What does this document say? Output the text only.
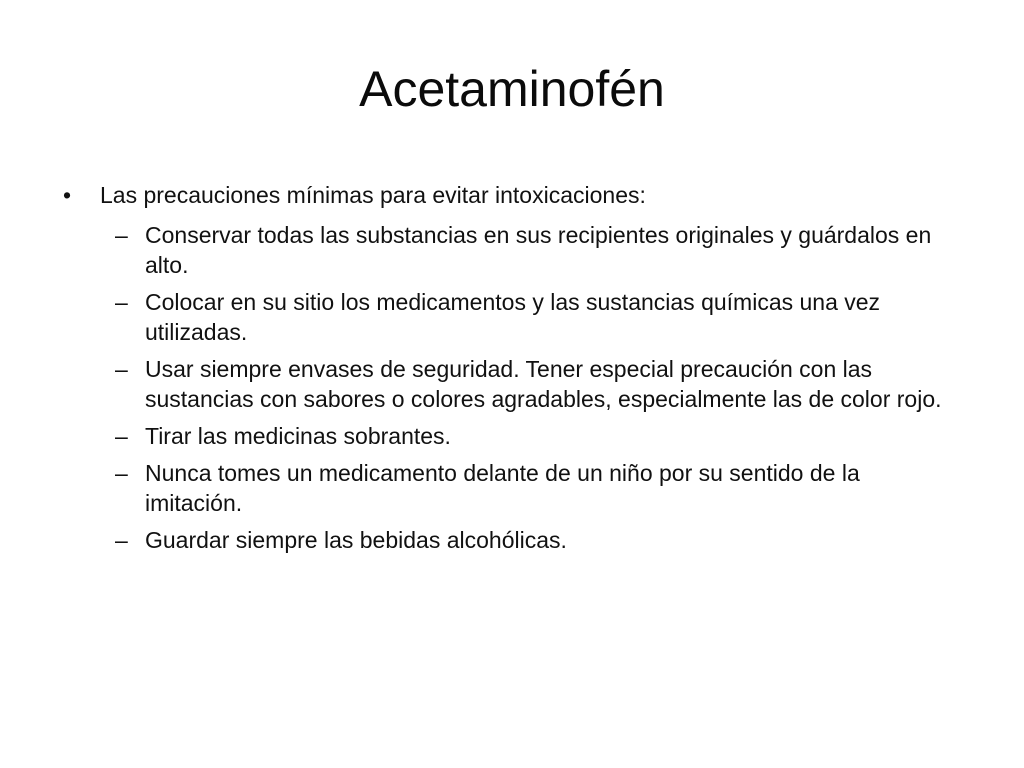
Acetaminofén
• Las precauciones mínimas para evitar intoxicaciones:
– Conservar todas las substancias en sus recipientes originales y guárdalos en alto.
– Colocar en su sitio los medicamentos y las sustancias químicas una vez utilizadas.
– Usar siempre envases de seguridad. Tener especial precaución con las sustancias con sabores o colores agradables, especialmente las de color rojo.
– Tirar las medicinas sobrantes.
– Nunca tomes un medicamento delante de un niño por su sentido de la imitación.
– Guardar siempre las bebidas alcohólicas.
